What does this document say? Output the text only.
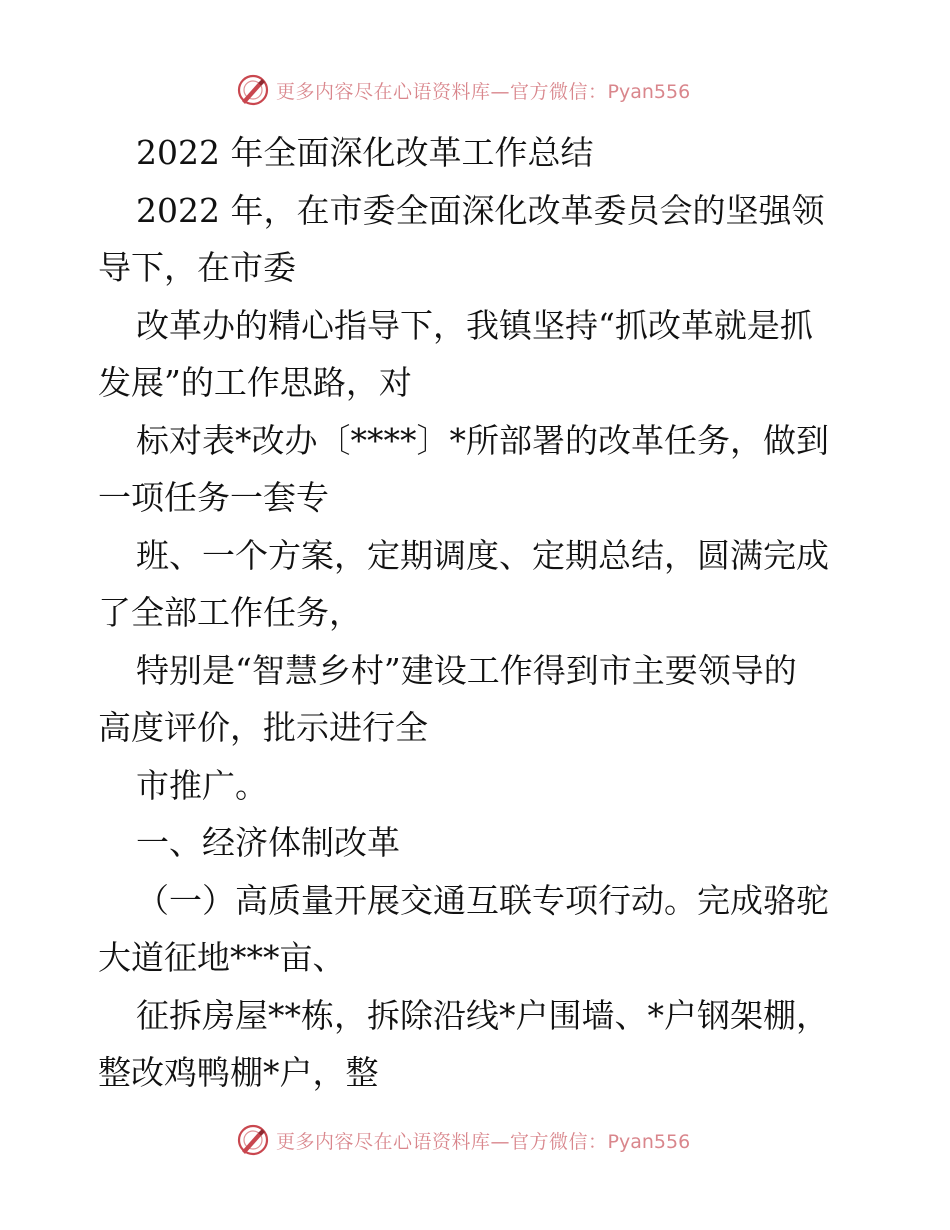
更多内容尽在心语资料库—官方微信：Pyan556
2022 年全面深化改革工作总结
2022 年，在市委全面深化改革委员会的坚强领
导下，在市委
改革办的精心指导下，我镇坚持“抓改革就是抓
发展”的工作思路，对
标对表*改办〔****〕*所部署的改革任务，做到
一项任务一套专
班、一个方案，定期调度、定期总结，圆满完成
了全部工作任务，
特别是“智慧乡村”建设工作得到市主要领导的
高度评价，批示进行全
市推广。
一、经济体制改革
（一）高质量开展交通互联专项行动。完成骆驼
大道征地***亩、
征拆房屋**栋，拆除沿线*户围墙、*户钢架棚，
整改鸡鸭棚*户，整
更多内容尽在心语资料库—官方微信：Pyan556
